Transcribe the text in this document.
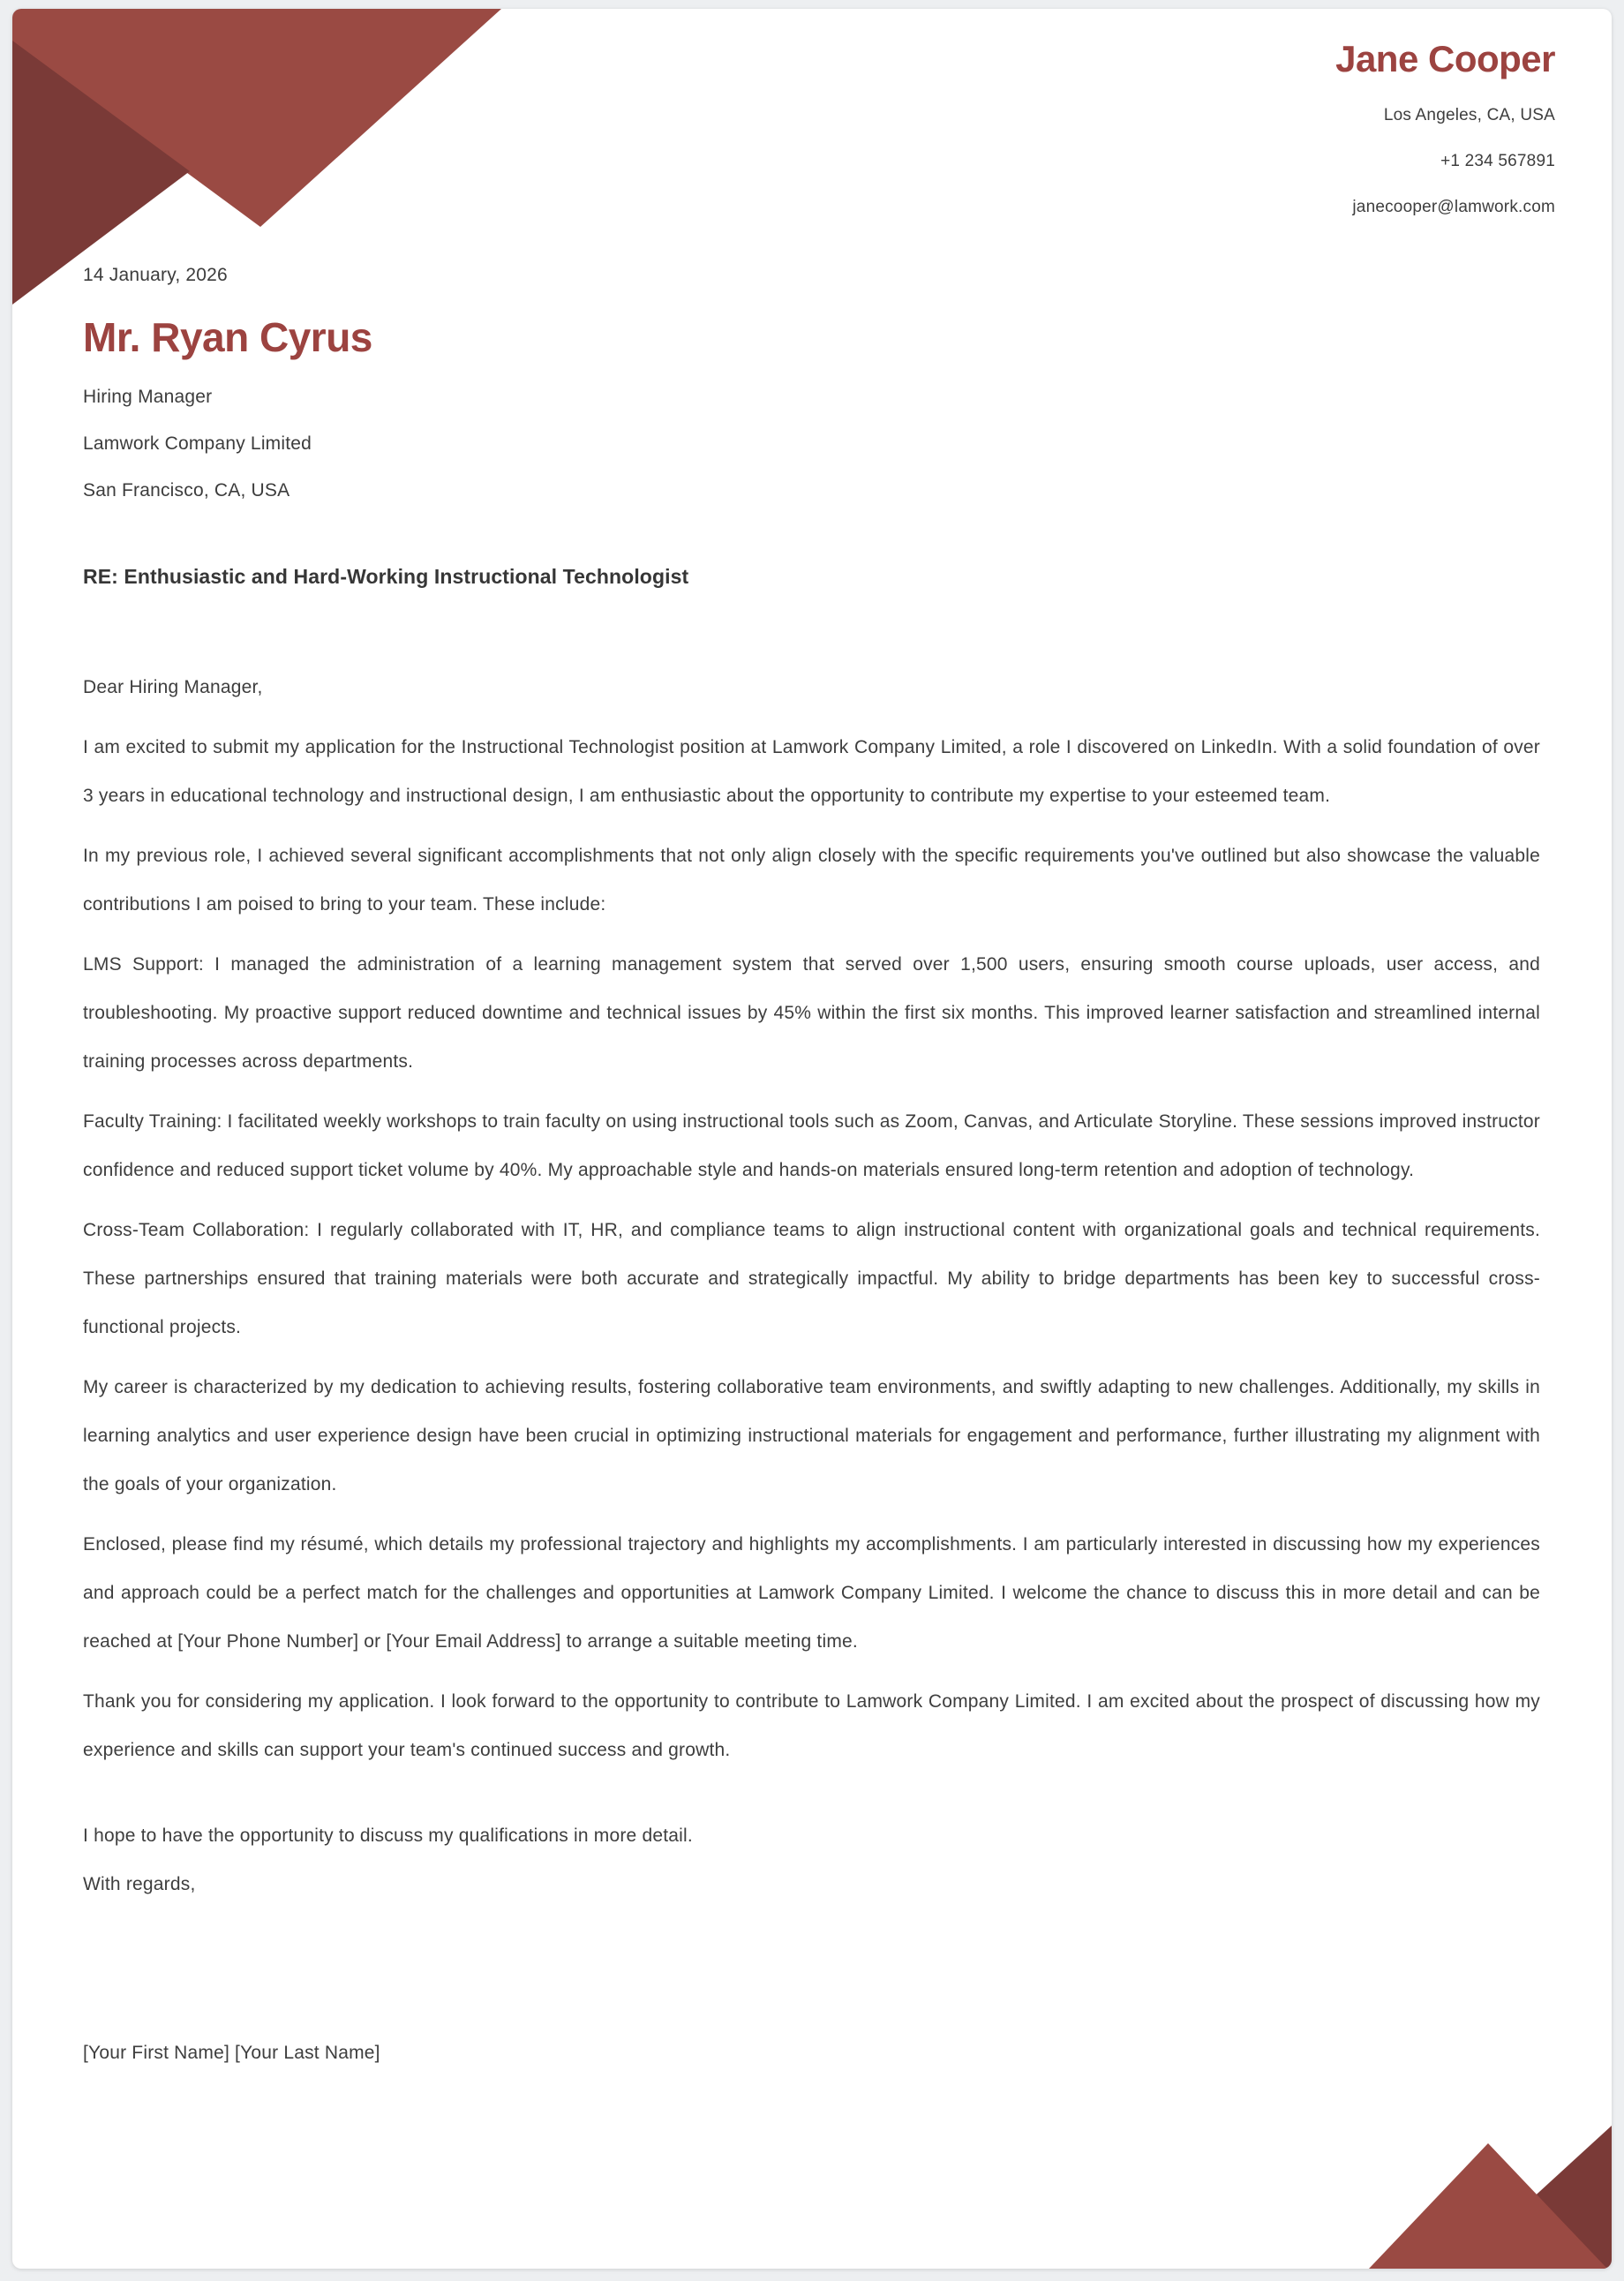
Jane Cooper
Los Angeles, CA, USA
+1 234 567891
janecooper@lamwork.com
14 January, 2026
Mr. Ryan Cyrus
Hiring Manager
Lamwork Company Limited
San Francisco, CA, USA
RE: Enthusiastic and Hard-Working Instructional Technologist

Dear Hiring Manager,

I am excited to submit my application for the Instructional Technologist position at Lamwork Company Limited, a role I discovered on LinkedIn. With a solid foundation of over 3 years in educational technology and instructional design, I am enthusiastic about the opportunity to contribute my expertise to your esteemed team.

In my previous role, I achieved several significant accomplishments that not only align closely with the specific requirements you've outlined but also showcase the valuable contributions I am poised to bring to your team. These include:

LMS Support: I managed the administration of a learning management system that served over 1,500 users, ensuring smooth course uploads, user access, and troubleshooting. My proactive support reduced downtime and technical issues by 45% within the first six months. This improved learner satisfaction and streamlined internal training processes across departments.

Faculty Training: I facilitated weekly workshops to train faculty on using instructional tools such as Zoom, Canvas, and Articulate Storyline. These sessions improved instructor confidence and reduced support ticket volume by 40%. My approachable style and hands-on materials ensured long-term retention and adoption of technology.

Cross-Team Collaboration: I regularly collaborated with IT, HR, and compliance teams to align instructional content with organizational goals and technical requirements. These partnerships ensured that training materials were both accurate and strategically impactful. My ability to bridge departments has been key to successful cross-functional projects.

My career is characterized by my dedication to achieving results, fostering collaborative team environments, and swiftly adapting to new challenges. Additionally, my skills in learning analytics and user experience design have been crucial in optimizing instructional materials for engagement and performance, further illustrating my alignment with the goals of your organization.

Enclosed, please find my résumé, which details my professional trajectory and highlights my accomplishments. I am particularly interested in discussing how my experiences and approach could be a perfect match for the challenges and opportunities at Lamwork Company Limited. I welcome the chance to discuss this in more detail and can be reached at [Your Phone Number] or [Your Email Address] to arrange a suitable meeting time.

Thank you for considering my application. I look forward to the opportunity to contribute to Lamwork Company Limited. I am excited about the prospect of discussing how my experience and skills can support your team's continued success and growth.

I hope to have the opportunity to discuss my qualifications in more detail.
With regards,
[Your First Name] [Your Last Name]
